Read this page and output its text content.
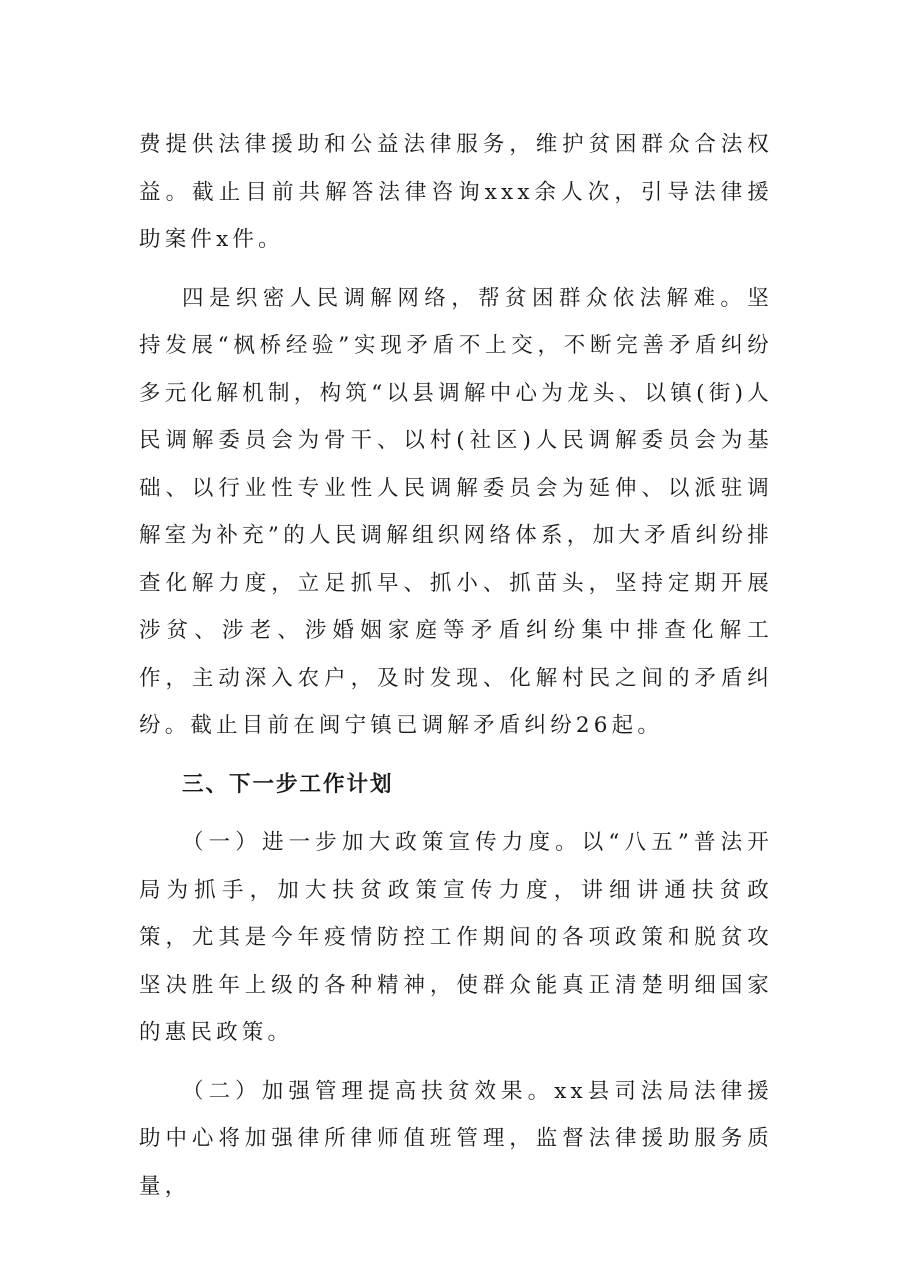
费提供法律援助和公益法律服务，维护贫困群众合法权益。截止目前共解答法律咨询xxx余人次，引导法律援助案件x件。

四是织密人民调解网络，帮贫困群众依法解难。坚持发展“枫桥经验”实现矛盾不上交，不断完善矛盾纠纷多元化解机制，构筑“以县调解中心为龙头、以镇(街)人民调解委员会为骨干、以村(社区)人民调解委员会为基础、以行业性专业性人民调解委员会为延伸、以派驻调解室为补充”的人民调解组织网络体系，加大矛盾纠纷排查化解力度，立足抓早、抓小、抓苗头，坚持定期开展涉贫、涉老、涉婚姻家庭等矛盾纠纷集中排查化解工作，主动深入农户，及时发现、化解村民之间的矛盾纠纷。截止目前在闽宁镇已调解矛盾纠纷26起。

三、下一步工作计划

（一）进一步加大政策宣传力度。以“八五”普法开局为抓手，加大扶贫政策宣传力度，讲细讲通扶贫政策，尤其是今年疫情防控工作期间的各项政策和脱贫攻坚决胜年上级的各种精神，使群众能真正清楚明细国家的惠民政策。

（二）加强管理提高扶贫效果。xx县司法局法律援助中心将加强律所律师值班管理，监督法律援助服务质量，
